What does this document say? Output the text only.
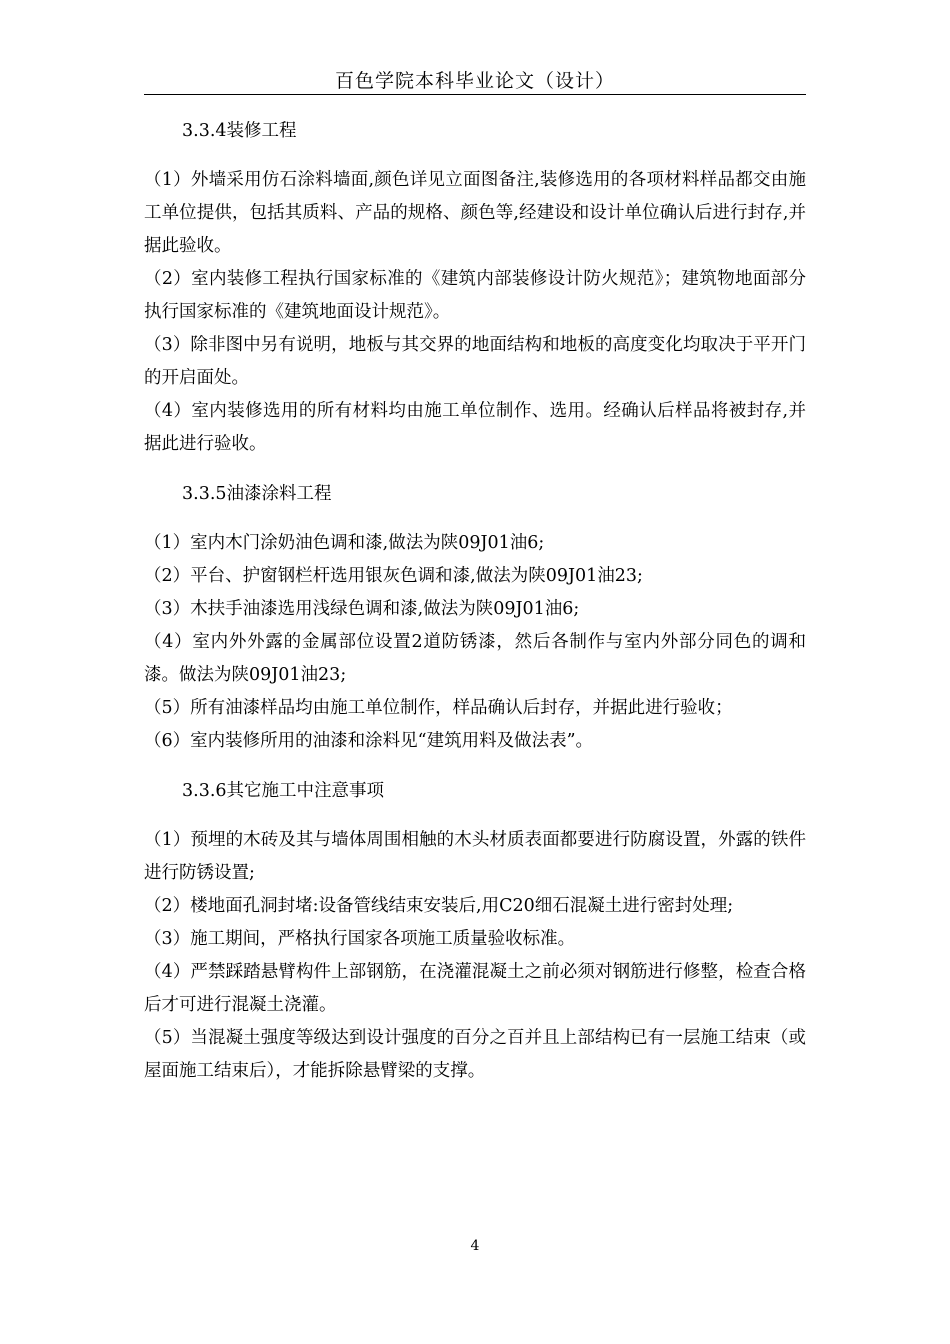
百色学院本科毕业论文（设计）
3.3.4装修工程
（1）外墙采用仿石涂料墙面,颜色详见立面图备注,装修选用的各项材料样品都交由施工单位提供，包括其质料、产品的规格、颜色等,经建设和设计单位确认后进行封存,并据此验收。
（2）室内装修工程执行国家标准的《建筑内部装修设计防火规范》；建筑物地面部分执行国家标准的《建筑地面设计规范》。
（3）除非图中另有说明，地板与其交界的地面结构和地板的高度变化均取决于平开门的开启面处。
（4）室内装修选用的所有材料均由施工单位制作、选用。经确认后样品将被封存,并据此进行验收。
3.3.5油漆涂料工程
（1）室内木门涂奶油色调和漆,做法为陕09J01油6;
（2）平台、护窗钢栏杆选用银灰色调和漆,做法为陕09J01油23;
（3）木扶手油漆选用浅绿色调和漆,做法为陕09J01油6;
（4）室内外外露的金属部位设置2道防锈漆，然后各制作与室内外部分同色的调和漆。做法为陕09J01油23;
（5）所有油漆样品均由施工单位制作，样品确认后封存，并据此进行验收；
（6）室内装修所用的油漆和涂料见“建筑用料及做法表”。
3.3.6其它施工中注意事项
（1）预埋的木砖及其与墙体周围相触的木头材质表面都要进行防腐设置，外露的铁件进行防锈设置;
（2）楼地面孔洞封堵:设备管线结束安装后,用C20细石混凝土进行密封处理;
（3）施工期间，严格执行国家各项施工质量验收标准。
（4）严禁踩踏悬臂构件上部钢筋，在浇灌混凝土之前必须对钢筋进行修整，检查合格后才可进行混凝土浇灌。
（5）当混凝土强度等级达到设计强度的百分之百并且上部结构已有一层施工结束（或屋面施工结束后），才能拆除悬臂梁的支撑。
4
